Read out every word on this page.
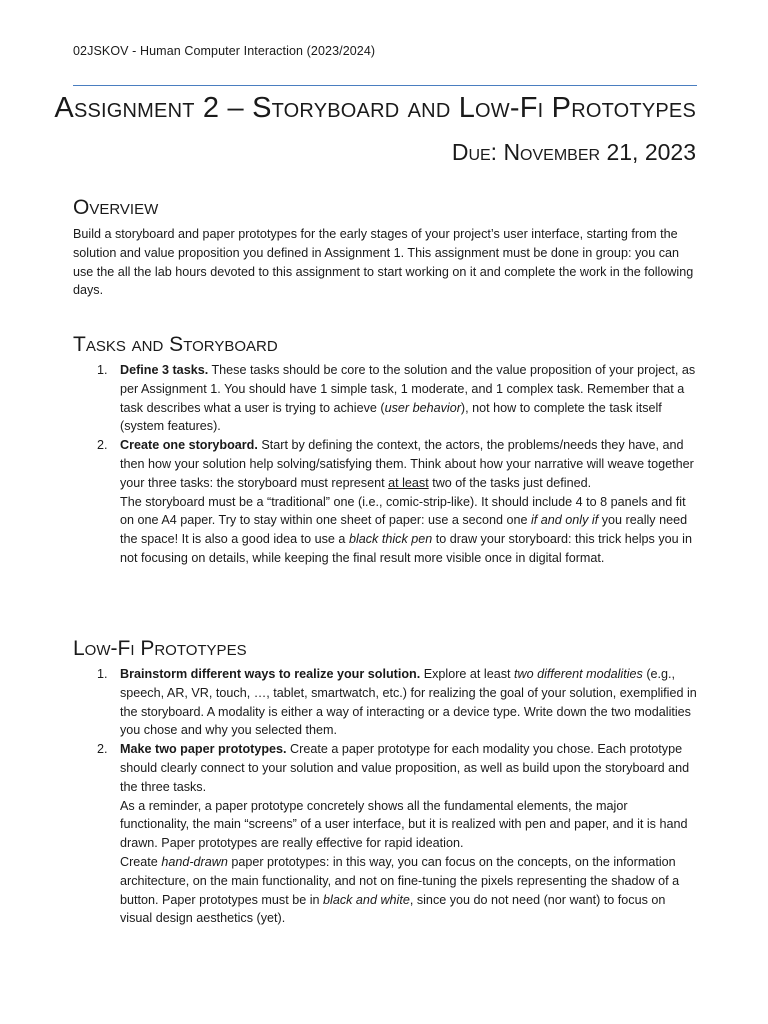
02JSKOV - Human Computer Interaction (2023/2024)
Assignment 2 – Storyboard and Low-Fi Prototypes
Due: November 21, 2023
Overview
Build a storyboard and paper prototypes for the early stages of your project’s user interface, starting from the solution and value proposition you defined in Assignment 1. This assignment must be done in group: you can use the all the lab hours devoted to this assignment to start working on it and complete the work in the following days.
Tasks and Storyboard
1. Define 3 tasks. These tasks should be core to the solution and the value proposition of your project, as per Assignment 1. You should have 1 simple task, 1 moderate, and 1 complex task. Remember that a task describes what a user is trying to achieve (user behavior), not how to complete the task itself (system features).
2. Create one storyboard. Start by defining the context, the actors, the problems/needs they have, and then how your solution help solving/satisfying them. Think about how your narrative will weave together your three tasks: the storyboard must represent at least two of the tasks just defined.
The storyboard must be a “traditional” one (i.e., comic-strip-like). It should include 4 to 8 panels and fit on one A4 paper. Try to stay within one sheet of paper: use a second one if and only if you really need the space! It is also a good idea to use a black thick pen to draw your storyboard: this trick helps you in not focusing on details, while keeping the final result more visible once in digital format.
Low-Fi Prototypes
1. Brainstorm different ways to realize your solution. Explore at least two different modalities (e.g., speech, AR, VR, touch, …, tablet, smartwatch, etc.) for realizing the goal of your solution, exemplified in the storyboard. A modality is either a way of interacting or a device type. Write down the two modalities you chose and why you selected them.
2. Make two paper prototypes. Create a paper prototype for each modality you chose. Each prototype should clearly connect to your solution and value proposition, as well as build upon the storyboard and the three tasks.
As a reminder, a paper prototype concretely shows all the fundamental elements, the major functionality, the main “screens” of a user interface, but it is realized with pen and paper, and it is hand drawn. Paper prototypes are really effective for rapid ideation.
Create hand-drawn paper prototypes: in this way, you can focus on the concepts, on the information architecture, on the main functionality, and not on fine-tuning the pixels representing the shadow of a button. Paper prototypes must be in black and white, since you do not need (nor want) to focus on visual design aesthetics (yet).
